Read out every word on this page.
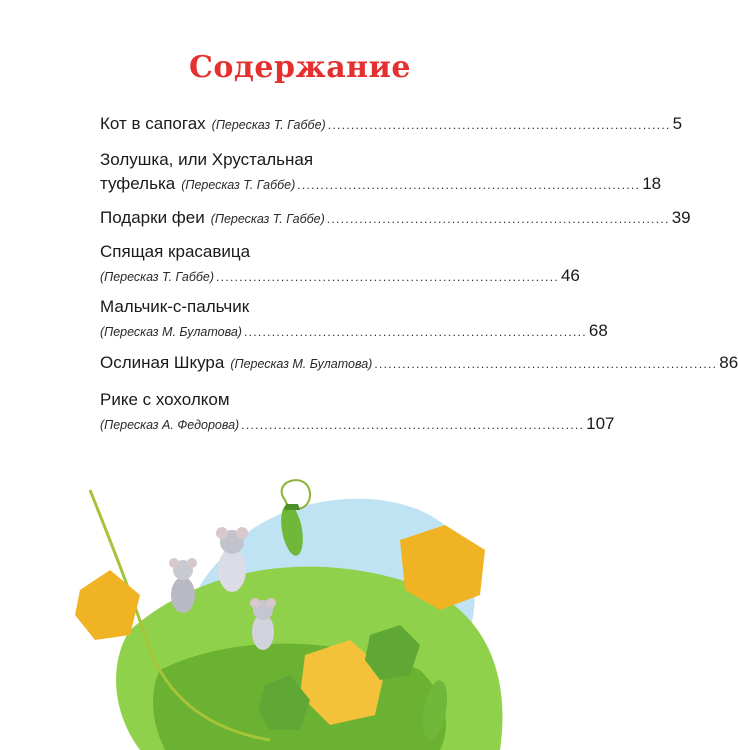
Содержание
Кот в сапогах (Пересказ Т. Габбе) .......................................................................... 5
Золушка, или Хрустальная
туфелька (Пересказ Т. Габбе) .......................................................................... 18
Подарки феи (Пересказ Т. Габбе) .......................................................................... 39
Спящая красавица
(Пересказ Т. Габбе) .......................................................................... 46
Мальчик-с-пальчик
(Пересказ М. Булатова) .......................................................................... 68
Ослиная Шкура (Пересказ М. Булатова) .......................................................................... 86
Рике с хохолком
(Пересказ А. Федорова) .......................................................................... 107
